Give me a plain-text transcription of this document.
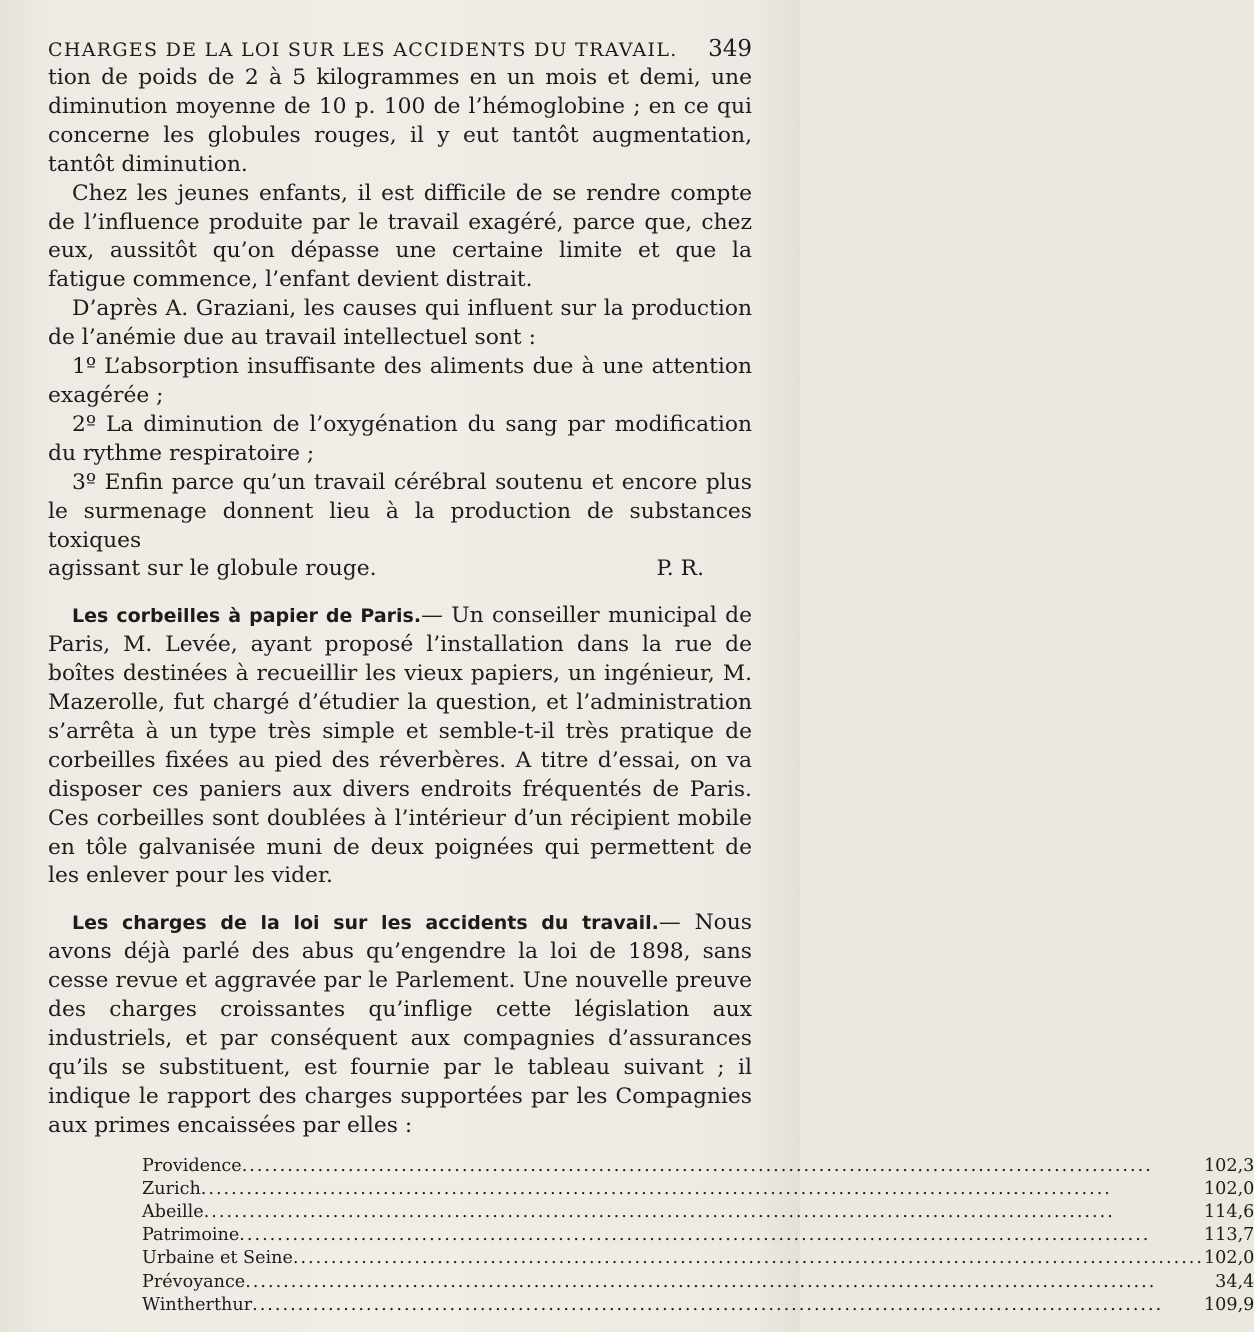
CHARGES DE LA LOI SUR LES ACCIDENTS DU TRAVAIL. 349

tion de poids de 2 à 5 kilogrammes en un mois et demi, une diminution moyenne de 10 p. 100 de l’hémoglobine ; en ce qui concerne les globules rouges, il y eut tantôt augmentation, tantôt diminution.

Chez les jeunes enfants, il est difficile de se rendre compte de l’influence produite par le travail exagéré, parce que, chez eux, aussitôt qu’on dépasse une certaine limite et que la fatigue commence, l’enfant devient distrait.

D’après A. Graziani, les causes qui influent sur la production de l’anémie due au travail intellectuel sont :

1º L’absorption insuffisante des aliments due à une attention exagérée ;

2º La diminution de l’oxygénation du sang par modification du rythme respiratoire ;

3º Enfin parce qu’un travail cérébral soutenu et encore plus le surmenage donnent lieu à la production de substances toxiques

agissant sur le globule rouge.	P. R.

Les corbeilles à papier de Paris.— Un conseiller municipal de Paris, M. Levée, ayant proposé l’installation dans la rue de boîtes destinées à recueillir les vieux papiers, un ingénieur, M. Mazerolle, fut chargé d’étudier la question, et l’administration s’arrêta à un type très simple et semble-t-il très pratique de corbeilles fixées au pied des réverbères. A titre d’essai, on va disposer ces paniers aux divers endroits fréquentés de Paris. Ces corbeilles sont doublées à l’intérieur d’un récipient mobile en tôle galvanisée muni de deux poignées qui permettent de les enlever pour les vider.

Les charges de la loi sur les accidents du travail.— Nous avons déjà parlé des abus qu’engendre la loi de 1898, sans cesse revue et aggravée par le Parlement. Une nouvelle preuve des charges croissantes qu’inflige cette législation aux industriels, et par conséquent aux compagnies d’assurances qu’ils se substituent, est fournie par le tableau suivant ; il indique le rapport des charges supportées par les Compagnies aux primes encaissées par elles :

Providence........................................................................................................................	102,3
Zurich........................................................................................................................	102,0
Abeille........................................................................................................................	114,6
Patrimoine........................................................................................................................	113,7
Urbaine et Seine........................................................................................................................	102,0
Prévoyance........................................................................................................................	34,4
Wintherthur........................................................................................................................	109,9
